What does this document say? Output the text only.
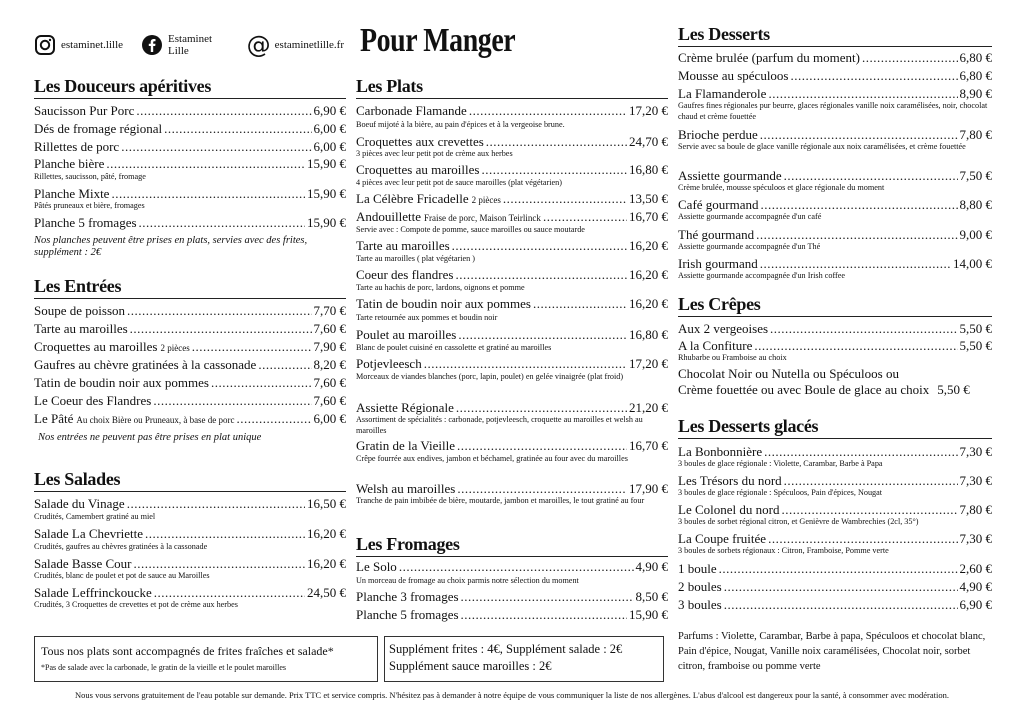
estaminet.lille	Estaminet Lille	@ estaminetlille.fr Pour Manger
Les Douceurs apéritives
Saucisson Pur Porc .....	6,90 €
Dés de fromage régional .....	6,00 €
Rillettes de porc .....	6,00 €
Planche bière .....	15,90 €
Rillettes, saucisson, pâté, fromage
Planche Mixte .....	15,90 €
Pâtés pruneaux et bière, fromages
Planche 5 fromages .....	15,90 €
Nos planches peuvent être prises en plats, servies avec des frites, supplément : 2€
Les Entrées
Soupe de poisson .....	7,70 €
Tarte au maroilles .....	7,60 €
Croquettes au maroilles 2 pièces .....	7,90 €
Gaufres au chèvre gratinées à la cassonade .....	8,20 €
Tatin de boudin noir aux pommes .....	7,60 €
Le Coeur des Flandres .....	7,60 €
Le Pâté Au choix Bière ou Pruneaux, à base de porc .....	6,00 €
Nos entrées ne peuvent pas être prises en plat unique
Les Salades
Salade du Vinage .....	16,50 €
Crudités, Camembert gratiné au miel
Salade La Chevriette .....	16,20 €
Crudités, gaufres au chèvres gratinées à la cassonade
Salade Basse Cour .....	16,20 €
Crudités, blanc de poulet et pot de sauce au Maroilles
Salade Leffrinckoucke .....	24,50 €
Crudités, 3 Croquettes de crevettes et pot de crème aux herbes
Les Plats
Carbonade Flamande .....	17,20 €
Boeuf mijoté à la bière, au pain d'épices et à la vergeoise brune.
Croquettes aux crevettes .....	24,70 €
3 pièces avec leur petit pot de crème aux herbes
Croquettes au maroilles .....	16,80 €
4 pièces avec leur petit pot de sauce maroilles (plat végétarien)
La Célèbre Fricadelle 2 pièces .....	13,50 €
Andouillette Fraise de porc, Maison Teirlinck .....	16,70 €
Servie avec : Compote de pomme, sauce maroilles ou sauce moutarde
Tarte au maroilles .....	16,20 €
Tarte au maroilles ( plat végétarien )
Coeur des flandres .....	16,20 €
Tarte au hachis de porc, lardons, oignons et pomme
Tatin de boudin noir aux pommes .....	16,20 €
Tarte retournée aux pommes et boudin noir
Poulet au maroilles .....	16,80 €
Blanc de poulet cuisiné en cassolette et gratiné au maroilles
Potjevleesch .....	17,20 €
Morceaux de viandes blanches (porc, lapin, poulet) en gelée vinaigrée (plat froid)
Assiette Régionale .....	21,20 €
Assortiment de spécialités : carbonade, potjevleesch, croquette au maroilles et welsh au maroilles
Gratin de la Vieille .....	16,70 €
Crêpe fourrée aux endives, jambon et béchamel, gratinée au four avec du maroilles
Welsh au maroilles .....	17,90 €
Tranche de pain imbibée de bière, moutarde, jambon et maroilles, le tout gratiné au four
Les Fromages
Le Solo .....	4,90 €
Un morceau de fromage au choix parmis notre sélection du moment
Planche 3 fromages .....	8,50 €
Planche 5 fromages .....	15,90 €
Les Desserts
Crème brulée (parfum du moment) .....	6,80 €
Mousse au spéculoos .....	6,80 €
La Flamanderole .....	8,90 €
Gaufres fines régionales pur beurre, glaces régionales vanille noix caramélisées, noir, chocolat chaud et crème fouettée
Brioche perdue .....	7,80 €
Servie avec sa boule de glace vanille régionale aux noix caramélisées, et crème fouettée
Assiette gourmande .....	7,50 €
Crème brulée, mousse spéculoos et glace régionale du moment
Café gourmand .....	8,80 €
Assiette gourmande accompagnée d'un café
Thé gourmand .....	9,00 €
Assiette gourmande accompagnée d'un Thé
Irish gourmand .....	14,00 €
Assiette gourmande accompagnée d'un Irish coffee
Les Crêpes
Aux 2 vergeoises .....	5,50 €
A la Confiture .....	5,50 €
Rhubarbe ou Framboise au choix
Chocolat Noir ou Nutella ou Spéculoos ou
Crème fouettée ou avec Boule de glace au choix 5,50 €
Les Desserts glacés
La Bonbonnière .....	7,30 €
3 boules de glace régionale : Violette, Carambar, Barbe à Papa
Les Trésors du nord .....	7,30 €
3 boules de glace régionale : Spéculoos, Pain d'épices, Nougat
Le Colonel du nord .....	7,80 €
3 boules de sorbet régional citron, et Genièvre de Wambrechies (2cl, 35°)
La Coupe fruitée .....	7,30 €
3 boules de sorbets régionaux : Citron, Framboise, Pomme verte
1 boule .....	2,60 €
2 boules .....	4,90 €
3 boules .....	6,90 €
Parfums : Violette, Carambar, Barbe à papa, Spéculoos et chocolat blanc, Pain d'épice, Nougat, Vanille noix caramélisées, Chocolat noir, sorbet citron, framboise ou pomme verte
Tous nos plats sont accompagnés de frites fraîches et salade*
*Pas de salade avec la carbonade, le gratin de la vieille et le poulet maroilles
Supplément frites : 4€, Supplément salade : 2€
Supplément sauce maroilles : 2€
Nous vous servons gratuitement de l'eau potable sur demande. Prix TTC et service compris. N'hésitez pas à demander à notre équipe de vous communiquer la liste de nos allergènes. L'abus d'alcool est dangereux pour la santé, à consommer avec modération.
